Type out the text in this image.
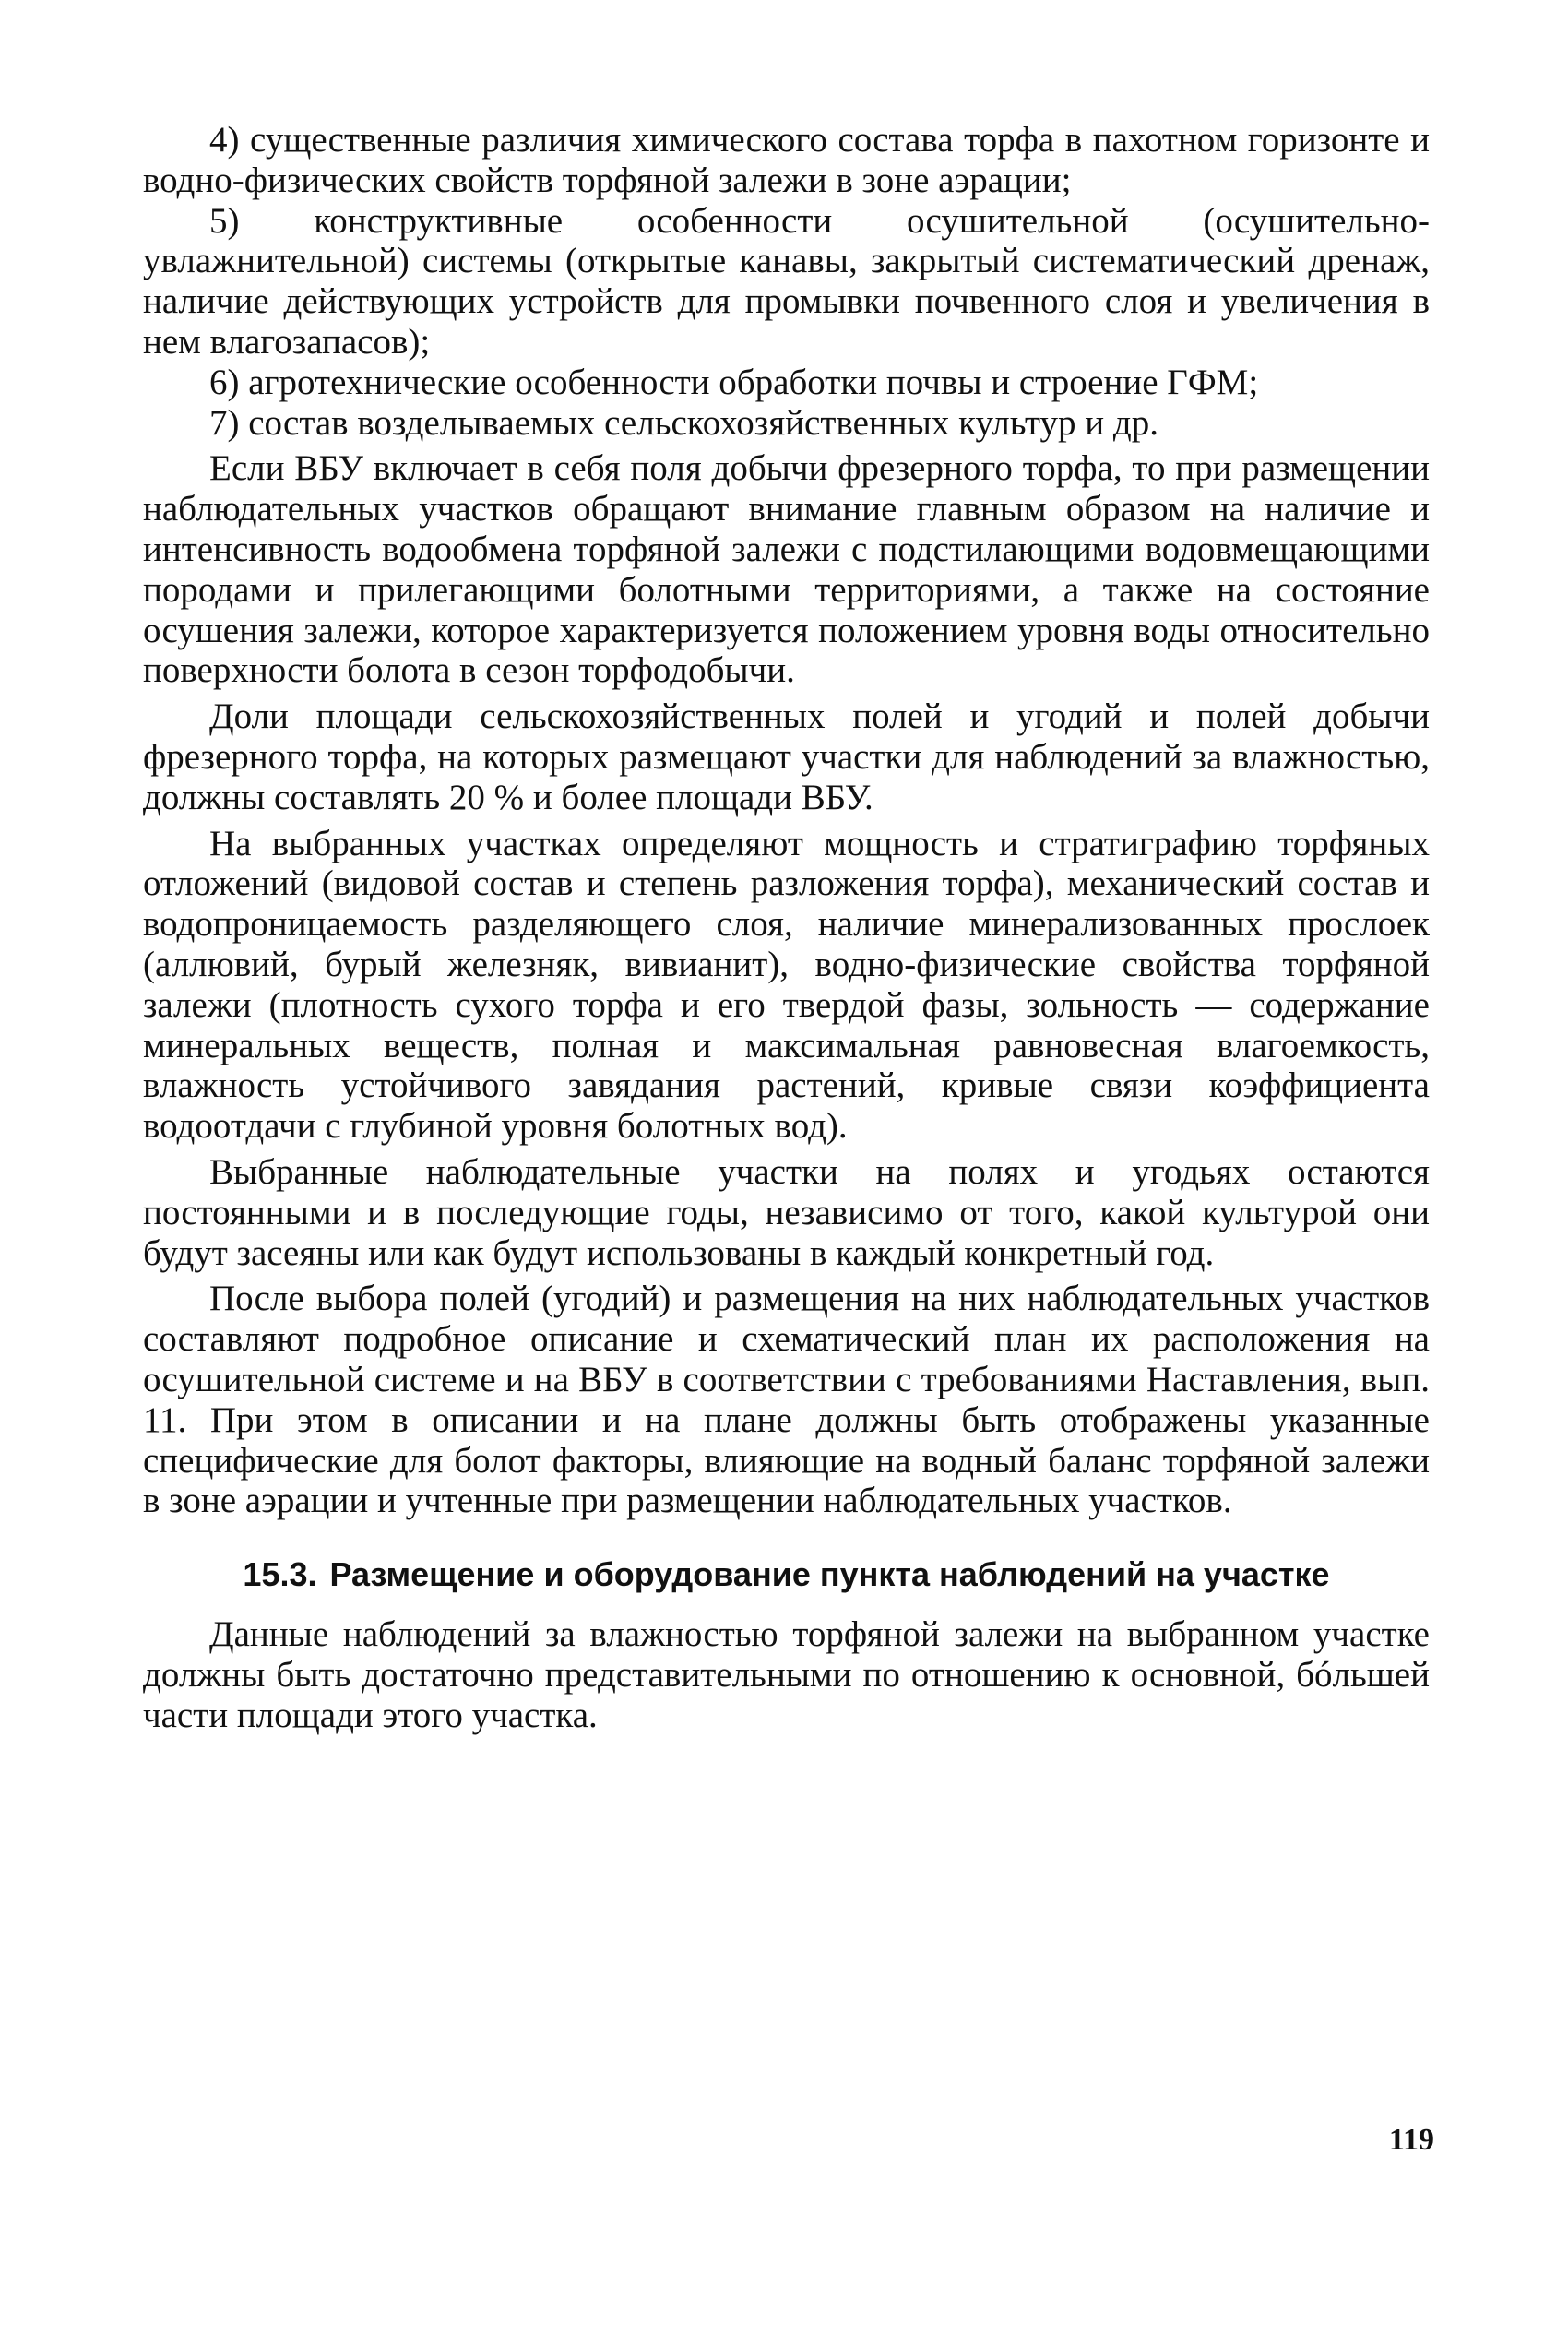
4) существенные различия химического состава торфа в пахотном горизонте и водно-физических свойств торфяной залежи в зоне аэрации;

5) конструктивные особенности осушительной (осушительно-увлажнительной) системы (открытые канавы, закрытый систематический дренаж, наличие действующих устройств для промывки почвенного слоя и увеличения в нем влагозапасов);

6) агротехнические особенности обработки почвы и строение ГФМ;

7) состав возделываемых сельскохозяйственных культур и др.

Если ВБУ включает в себя поля добычи фрезерного торфа, то при размещении наблюдательных участков обращают внимание главным образом на наличие и интенсивность водообмена торфяной залежи с подстилающими водовмещающими породами и прилегающими болотными территориями, а также на состояние осушения залежи, которое характеризуется положением уровня воды относительно поверхности болота в сезон торфодобычи.

Доли площади сельскохозяйственных полей и угодий и полей добычи фрезерного торфа, на которых размещают участки для наблюдений за влажностью, должны составлять 20 % и более площади ВБУ.

На выбранных участках определяют мощность и стратиграфию торфяных отложений (видовой состав и степень разложения торфа), механический состав и водопроницаемость разделяющего слоя, наличие минерализованных прослоек (аллювий, бурый железняк, вивианит), водно-физические свойства торфяной залежи (плотность сухого торфа и его твердой фазы, зольность — содержание минеральных веществ, полная и максимальная равновесная влагоемкость, влажность устойчивого завядания растений, кривые связи коэффициента водоотдачи с глубиной уровня болотных вод).

Выбранные наблюдательные участки на полях и угодьях остаются постоянными и в последующие годы, независимо от того, какой культурой они будут засеяны или как будут использованы в каждый конкретный год.

После выбора полей (угодий) и размещения на них наблюдательных участков составляют подробное описание и схематический план их расположения на осушительной системе и на ВБУ в соответствии с требованиями Наставления, вып. 11. При этом в описании и на плане должны быть отображены указанные специфические для болот факторы, влияющие на водный баланс торфяной залежи в зоне аэрации и учтенные при размещении наблюдательных участков.

15.3. Размещение и оборудование пункта наблюдений на участке

Данные наблюдений за влажностью торфяной залежи на выбранном участке должны быть достаточно представительными по отношению к основной, бóльшей части площади этого участка.

119
